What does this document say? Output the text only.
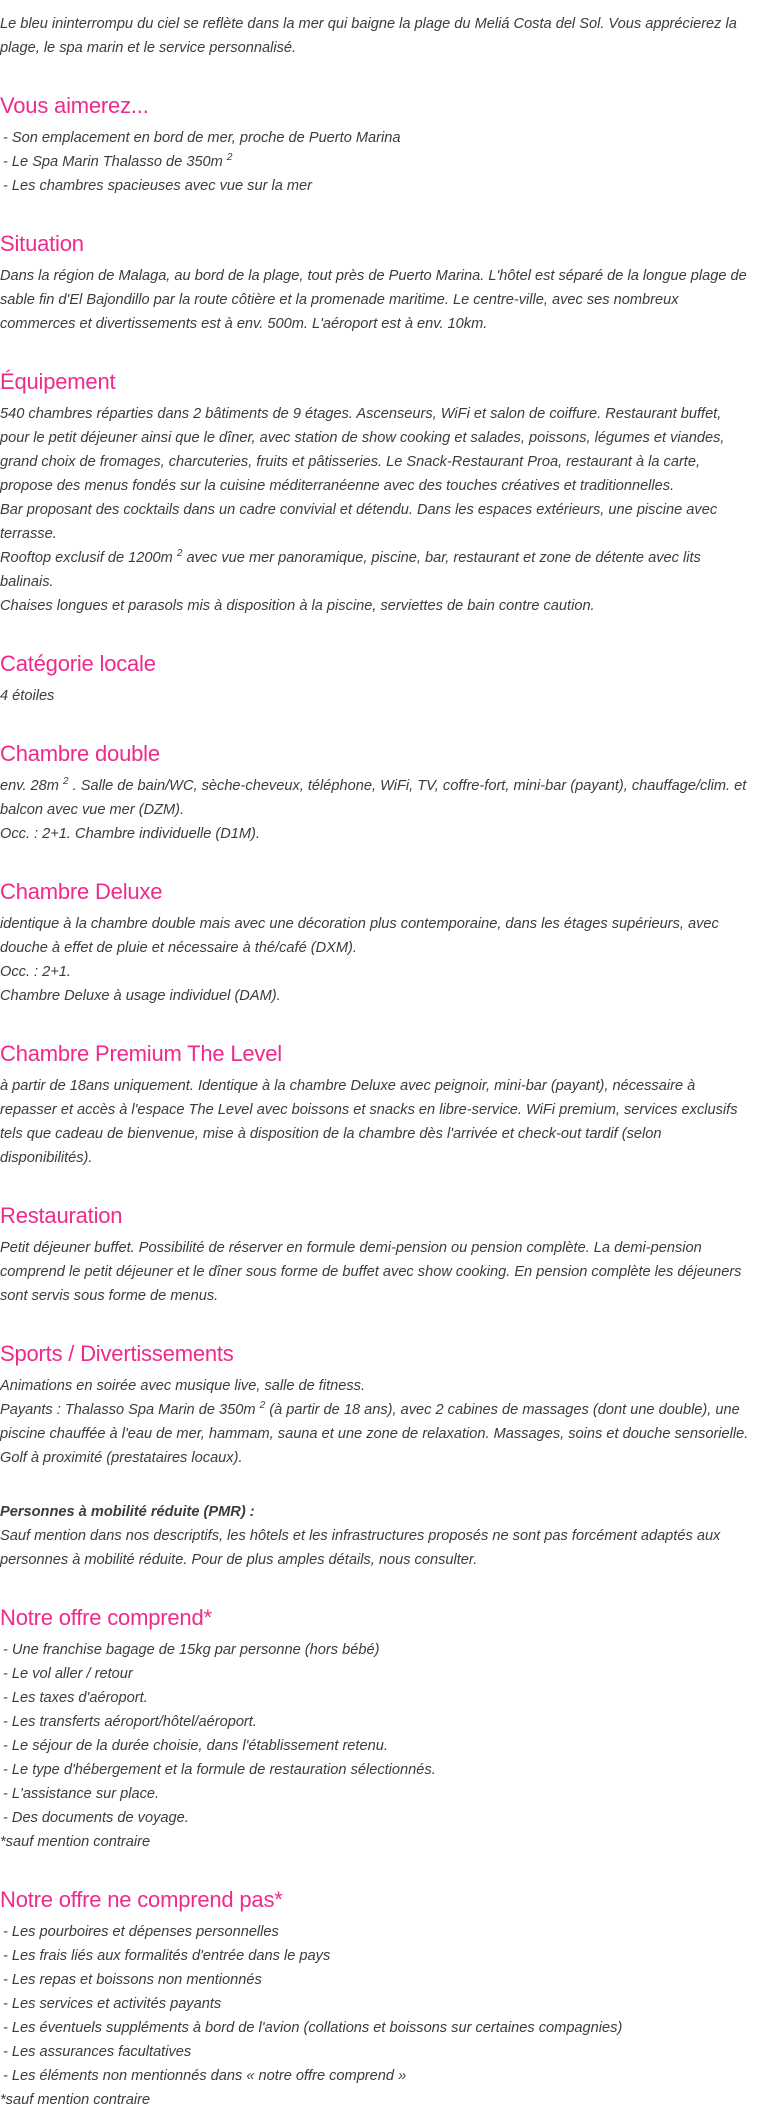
Le bleu ininterrompu du ciel se reflète dans la mer qui baigne la plage du Meliá Costa del Sol. Vous apprécierez la plage, le spa marin et le service personnalisé.

Vous aimerez...
- Son emplacement en bord de mer, proche de Puerto Marina
- Le Spa Marin Thalasso de 350m $^2$
- Les chambres spacieuses avec vue sur la mer
Situation
Dans la région de Malaga, au bord de la plage, tout près de Puerto Marina. L'hôtel est séparé de la longue plage de sable fin d'El Bajondillo par la route côtière et la promenade maritime. Le centre-ville, avec ses nombreux commerces et divertissements est à env. 500m. L'aéroport est à env. 10km.
Équipement
540 chambres réparties dans 2 bâtiments de 9 étages. Ascenseurs, WiFi et salon de coiffure. Restaurant buffet, pour le petit déjeuner ainsi que le dîner, avec station de show cooking et salades, poissons, légumes et viandes, grand choix de fromages, charcuteries, fruits et pâtisseries. Le Snack-Restaurant Proa, restaurant à la carte, propose des menus fondés sur la cuisine méditerranéenne avec des touches créatives et traditionnelles.
Bar proposant des cocktails dans un cadre convivial et détendu. Dans les espaces extérieurs, une piscine avec terrasse.
Rooftop exclusif de 1200m $^2$ avec vue mer panoramique, piscine, bar, restaurant et zone de détente avec lits balinais.
Chaises longues et parasols mis à disposition à la piscine, serviettes de bain contre caution.
Catégorie locale
4 étoiles
Chambre double
env. 28m $^2$ . Salle de bain/WC, sèche-cheveux, téléphone, WiFi, TV, coffre-fort, mini-bar (payant), chauffage/clim. et balcon avec vue mer (DZM).
Occ. : 2+1. Chambre individuelle (D1M).
Chambre Deluxe
identique à la chambre double mais avec une décoration plus contemporaine, dans les étages supérieurs, avec douche à effet de pluie et nécessaire à thé/café (DXM).
Occ. : 2+1.
Chambre Deluxe à usage individuel (DAM).
Chambre Premium The Level
à partir de 18ans uniquement. Identique à la chambre Deluxe avec peignoir, mini-bar (payant), nécessaire à repasser et accès à l'espace The Level avec boissons et snacks en libre-service. WiFi premium, services exclusifs tels que cadeau de bienvenue, mise à disposition de la chambre dès l'arrivée et check-out tardif (selon disponibilités).
Restauration
Petit déjeuner buffet. Possibilité de réserver en formule demi-pension ou pension complète. La demi-pension comprend le petit déjeuner et le dîner sous forme de buffet avec show cooking. En pension complète les déjeuners sont servis sous forme de menus.
Sports / Divertissements
Animations en soirée avec musique live, salle de fitness.
Payants : Thalasso Spa Marin de 350m $^2$ (à partir de 18 ans), avec 2 cabines de massages (dont une double), une piscine chauffée à l'eau de mer, hammam, sauna et une zone de relaxation. Massages, soins et douche sensorielle. Golf à proximité (prestataires locaux).
Personnes à mobilité réduite (PMR) :
Sauf mention dans nos descriptifs, les hôtels et les infrastructures proposés ne sont pas forcément adaptés aux personnes à mobilité réduite. Pour de plus amples détails, nous consulter.
Notre offre comprend*
- Une franchise bagage de 15kg par personne (hors bébé)
- Le vol aller / retour
- Les taxes d'aéroport.
- Les transferts aéroport/hôtel/aéroport.
- Le séjour de la durée choisie, dans l'établissement retenu.
- Le type d'hébergement et la formule de restauration sélectionnés.
- L'assistance sur place.
- Des documents de voyage.
*sauf mention contraire
Notre offre ne comprend pas*
- Les pourboires et dépenses personnelles
- Les frais liés aux formalités d'entrée dans le pays
- Les repas et boissons non mentionnés
- Les services et activités payants
- Les éventuels suppléments à bord de l'avion (collations et boissons sur certaines compagnies)
- Les assurances facultatives
- Les éléments non mentionnés dans « notre offre comprend »
*sauf mention contraire
